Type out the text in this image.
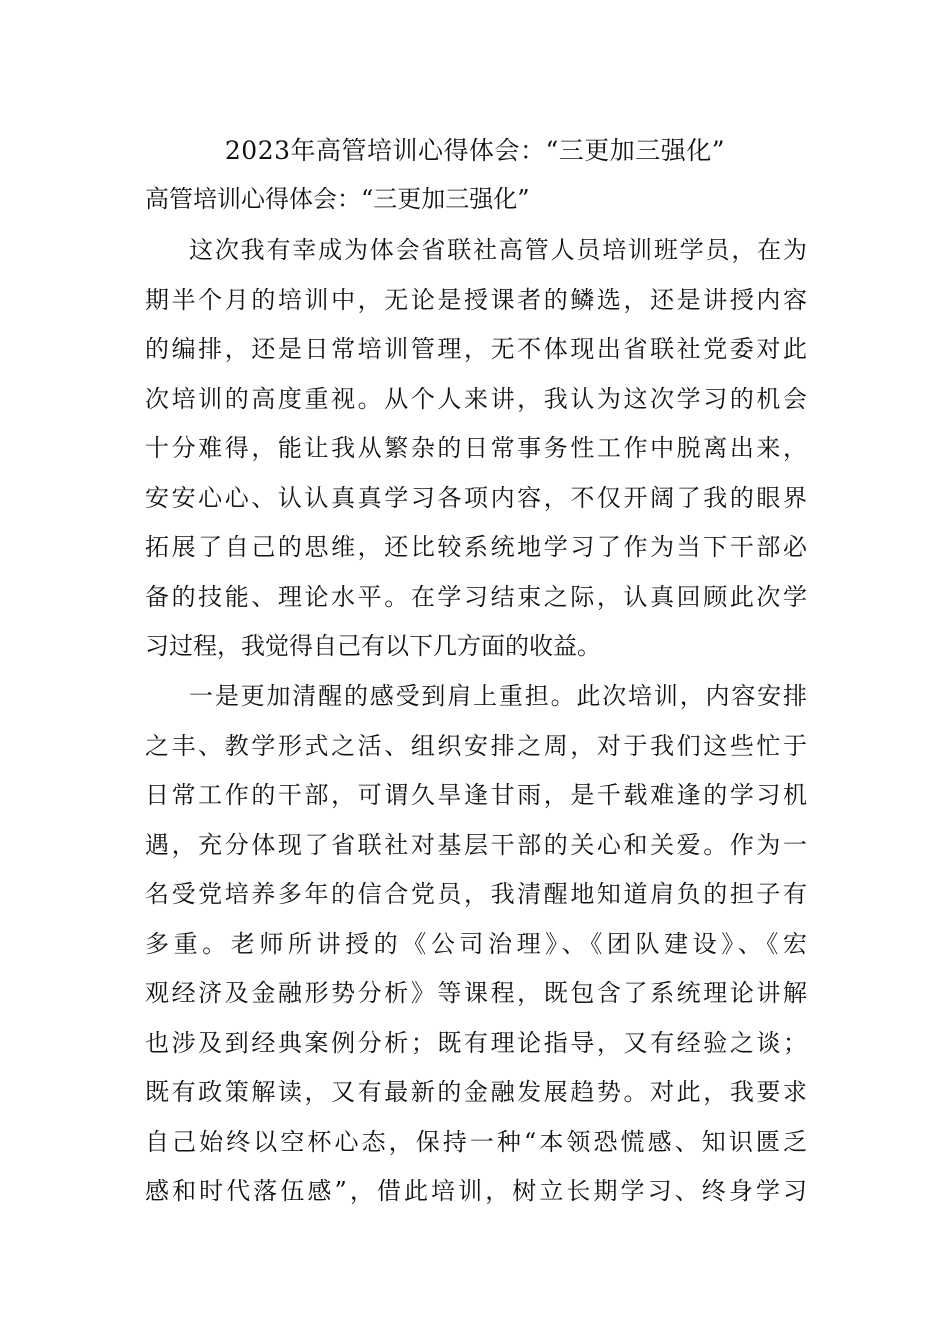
2023年高管培训心得体会：“三更加三强化”
高管培训心得体会：“三更加三强化”
这次我有幸成为体会省联社高管人员培训班学员，在为
期半个月的培训中，无论是授课者的鳞选，还是讲授内容
的编排，还是日常培训管理，无不体现出省联社党委对此
次培训的高度重视。从个人来讲，我认为这次学习的机会
十分难得，能让我从繁杂的日常事务性工作中脱离出来，
安安心心、认认真真学习各项内容，不仅开阔了我的眼界
拓展了自己的思维，还比较系统地学习了作为当下干部必
备的技能、理论水平。在学习结束之际，认真回顾此次学
习过程，我觉得自己有以下几方面的收益。
一是更加清醒的感受到肩上重担。此次培训，内容安排
之丰、教学形式之活、组织安排之周，对于我们这些忙于
日常工作的干部，可谓久旱逢甘雨，是千载难逢的学习机
遇，充分体现了省联社对基层干部的关心和关爱。作为一
名受党培养多年的信合党员，我清醒地知道肩负的担子有
多重。老师所讲授的《公司治理》、《团队建设》、《宏
观经济及金融形势分析》等课程，既包含了系统理论讲解
也涉及到经典案例分析；既有理论指导，又有经验之谈；
既有政策解读，又有最新的金融发展趋势。对此，我要求
自己始终以空杯心态，保持一种“本领恐慌感、知识匮乏
感和时代落伍感”，借此培训，树立长期学习、终身学习
